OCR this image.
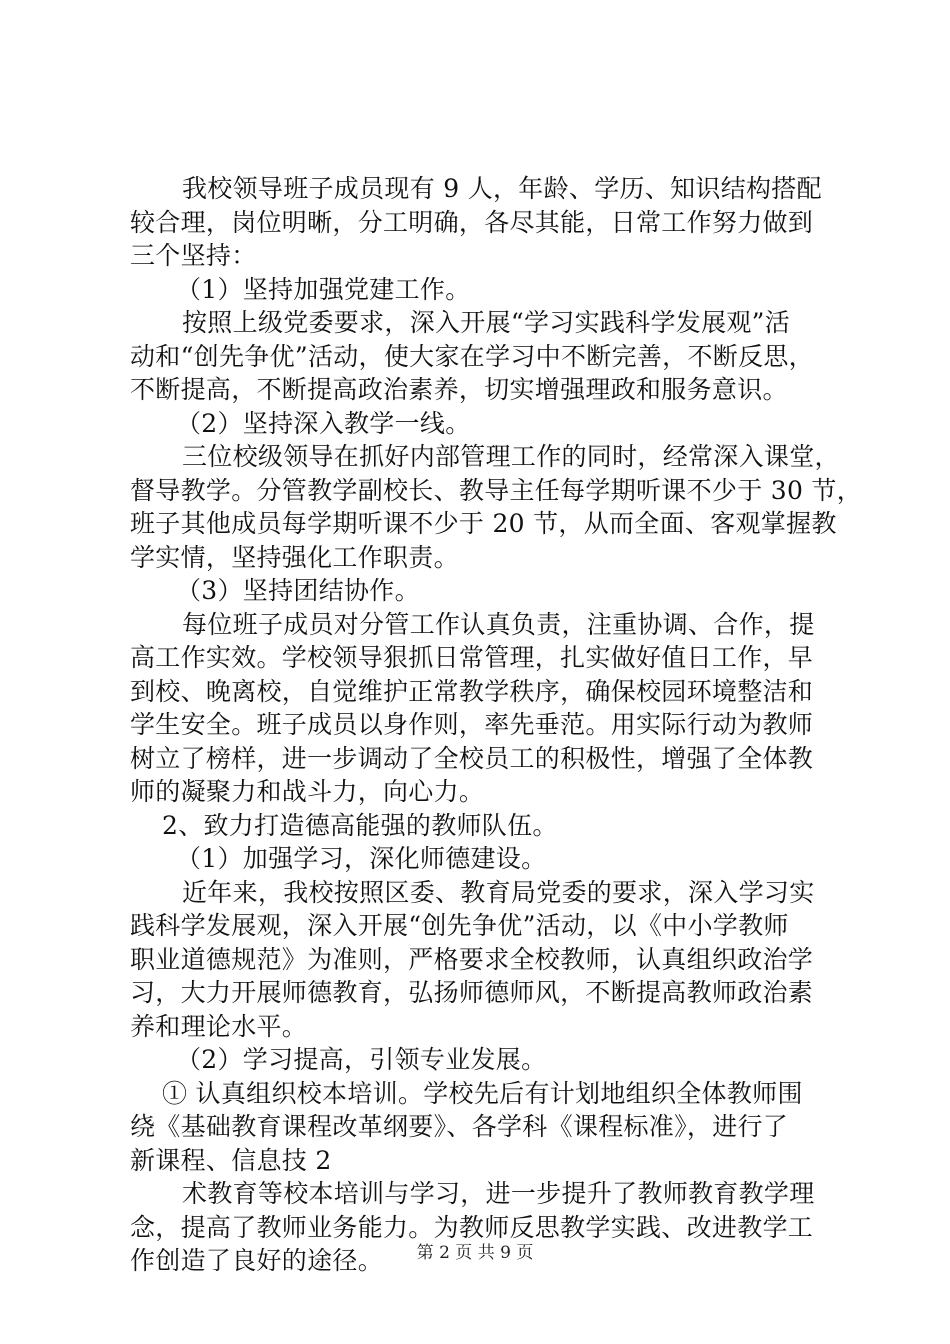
我校领导班子成员现有 9 人，年龄、学历、知识结构搭配
较合理，岗位明晰，分工明确，各尽其能，日常工作努力做到
三个坚持：
（1）坚持加强党建工作。
按照上级党委要求，深入开展“学习实践科学发展观”活
动和“创先争优”活动，使大家在学习中不断完善，不断反思，
不断提高，不断提高政治素养，切实增强理政和服务意识。
（2）坚持深入教学一线。
三位校级领导在抓好内部管理工作的同时，经常深入课堂，
督导教学。分管教学副校长、教导主任每学期听课不少于 30 节，
班子其他成员每学期听课不少于 20 节，从而全面、客观掌握教
学实情，坚持强化工作职责。
（3）坚持团结协作。
每位班子成员对分管工作认真负责，注重协调、合作，提
高工作实效。学校领导狠抓日常管理，扎实做好值日工作，早
到校、晚离校，自觉维护正常教学秩序，确保校园环境整洁和
学生安全。班子成员以身作则，率先垂范。用实际行动为教师
树立了榜样，进一步调动了全校员工的积极性，增强了全体教
师的凝聚力和战斗力，向心力。
2、致力打造德高能强的教师队伍。
（1）加强学习，深化师德建设。
近年来，我校按照区委、教育局党委的要求，深入学习实
践科学发展观，深入开展“创先争优”活动，以《中小学教师
职业道德规范》为准则，严格要求全校教师，认真组织政治学
习，大力开展师德教育，弘扬师德师风，不断提高教师政治素
养和理论水平。
（2）学习提高，引领专业发展。
① 认真组织校本培训。学校先后有计划地组织全体教师围
绕《基础教育课程改革纲要》、各学科《课程标准》，进行了
新课程、信息技 2
术教育等校本培训与学习，进一步提升了教师教育教学理
念，提高了教师业务能力。为教师反思教学实践、改进教学工
作创造了良好的途径。	第 2 页 共 9 页
